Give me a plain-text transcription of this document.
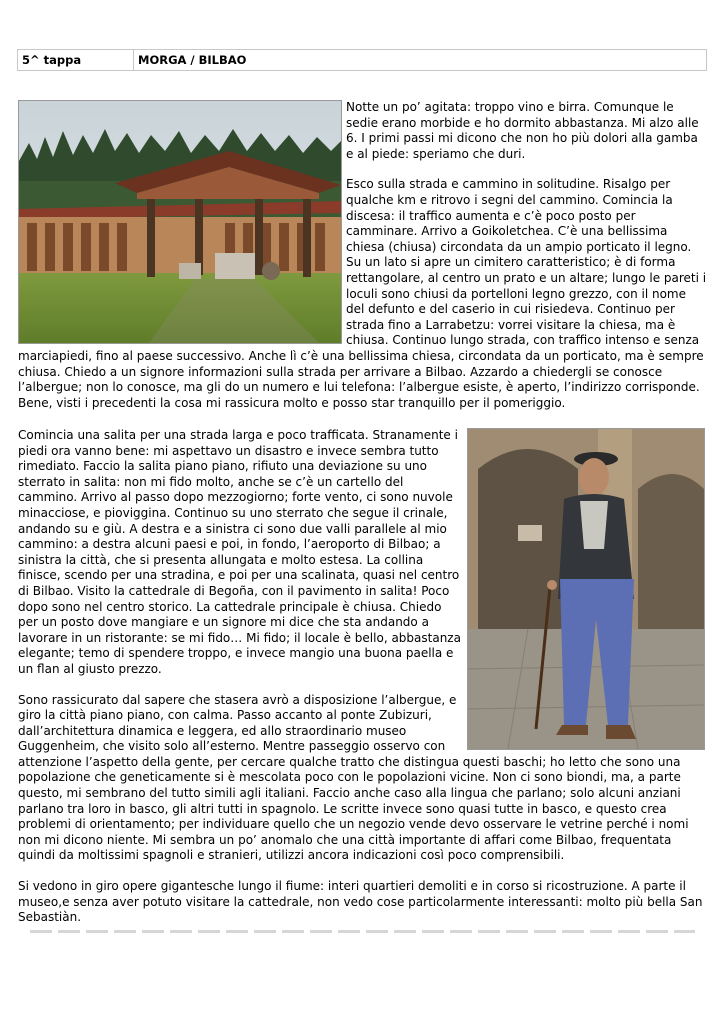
5^ tappa	MORGA / BILBAO

Notte un po’ agitata: troppo vino e birra. Comunque le sedie erano morbide e ho dormito abbastanza. Mi alzo alle 6. I primi passi mi dicono che non ho più dolori alla gamba e al piede: speriamo che duri.

Esco sulla strada e cammino in solitudine. Risalgo per qualche km e ritrovo i segni del cammino. Comincia la discesa: il traffico aumenta e c’è poco posto per camminare. Arrivo a Goikoletchea. C’è una bellissima chiesa (chiusa) circondata da un ampio porticato il legno. Su un lato si apre un cimitero caratteristico; è di forma rettangolare, al centro un prato e un altare; lungo le pareti i loculi sono chiusi da portelloni legno grezzo, con il nome del defunto e del caserio in cui risiedeva. Continuo per strada fino a Larrabetzu: vorrei visitare la chiesa, ma è chiusa. Continuo lungo strada, con traffico intenso e senza marciapiedi, fino al paese successivo. Anche lì c’è una bellissima chiesa, circondata da un porticato, ma è sempre chiusa. Chiedo a un signore informazioni sulla strada per arrivare a Bilbao. Azzardo a chiedergli se conosce l’albergue; non lo conosce, ma gli do un numero e lui telefona: l’albergue esiste, è aperto, l’indirizzo corrisponde. Bene, visti i precedenti la cosa mi rassicura molto e posso star tranquillo per il pomeriggio.

Comincia una salita per una strada larga e poco trafficata. Stranamente i piedi ora vanno bene: mi aspettavo un disastro e invece sembra tutto rimediato. Faccio la salita piano piano, rifiuto una deviazione su uno sterrato in salita: non mi fido molto, anche se c’è un cartello del cammino. Arrivo al passo dopo mezzogiorno; forte vento, ci sono nuvole minacciose, e pioviggina. Continuo su uno sterrato che segue il crinale, andando su e giù. A destra e a sinistra ci sono due valli parallele al mio cammino: a destra alcuni paesi e poi, in fondo, l’aeroporto di Bilbao; a sinistra la città, che si presenta allungata e molto estesa. La collina finisce, scendo per una stradina, e poi per una scalinata, quasi nel centro di Bilbao. Visito la cattedrale di Begoña, con il pavimento in salita! Poco dopo sono nel centro storico. La cattedrale principale è chiusa. Chiedo per un posto dove mangiare e un signore mi dice che sta andando a lavorare in un ristorante: se mi fido… Mi fido; il locale è bello, abbastanza elegante; temo di spendere troppo, e invece mangio una buona paella e un flan al giusto prezzo.

Sono rassicurato dal sapere che stasera avrò a disposizione l’albergue, e giro la città piano piano, con calma. Passo accanto al ponte Zubizuri, dall’architettura dinamica e leggera, ed allo straordinario museo Guggenheim, che visito solo all’esterno. Mentre passeggio osservo con attenzione l’aspetto della gente, per cercare qualche tratto che distingua questi baschi; ho letto che sono una popolazione che geneticamente si è mescolata poco con le popolazioni vicine. Non ci sono biondi, ma, a parte questo, mi sembrano del tutto simili agli italiani. Faccio anche caso alla lingua che parlano; solo alcuni anziani parlano tra loro in basco, gli altri tutti in spagnolo. Le scritte invece sono quasi tutte in basco, e questo crea problemi di orientamento; per individuare quello che un negozio vende devo osservare le vetrine perché i nomi non mi dicono niente. Mi sembra un po’ anomalo che una città importante di affari come Bilbao, frequentata quindi da moltissimi spagnoli e stranieri, utilizzi ancora indicazioni così poco comprensibili.

Si vedono in giro opere gigantesche lungo il fiume: interi quartieri demoliti e in corso si ricostruzione. A parte il museo,e senza aver potuto visitare la cattedrale, non vedo cose particolarmente interessanti: molto più bella San Sebastiàn.
